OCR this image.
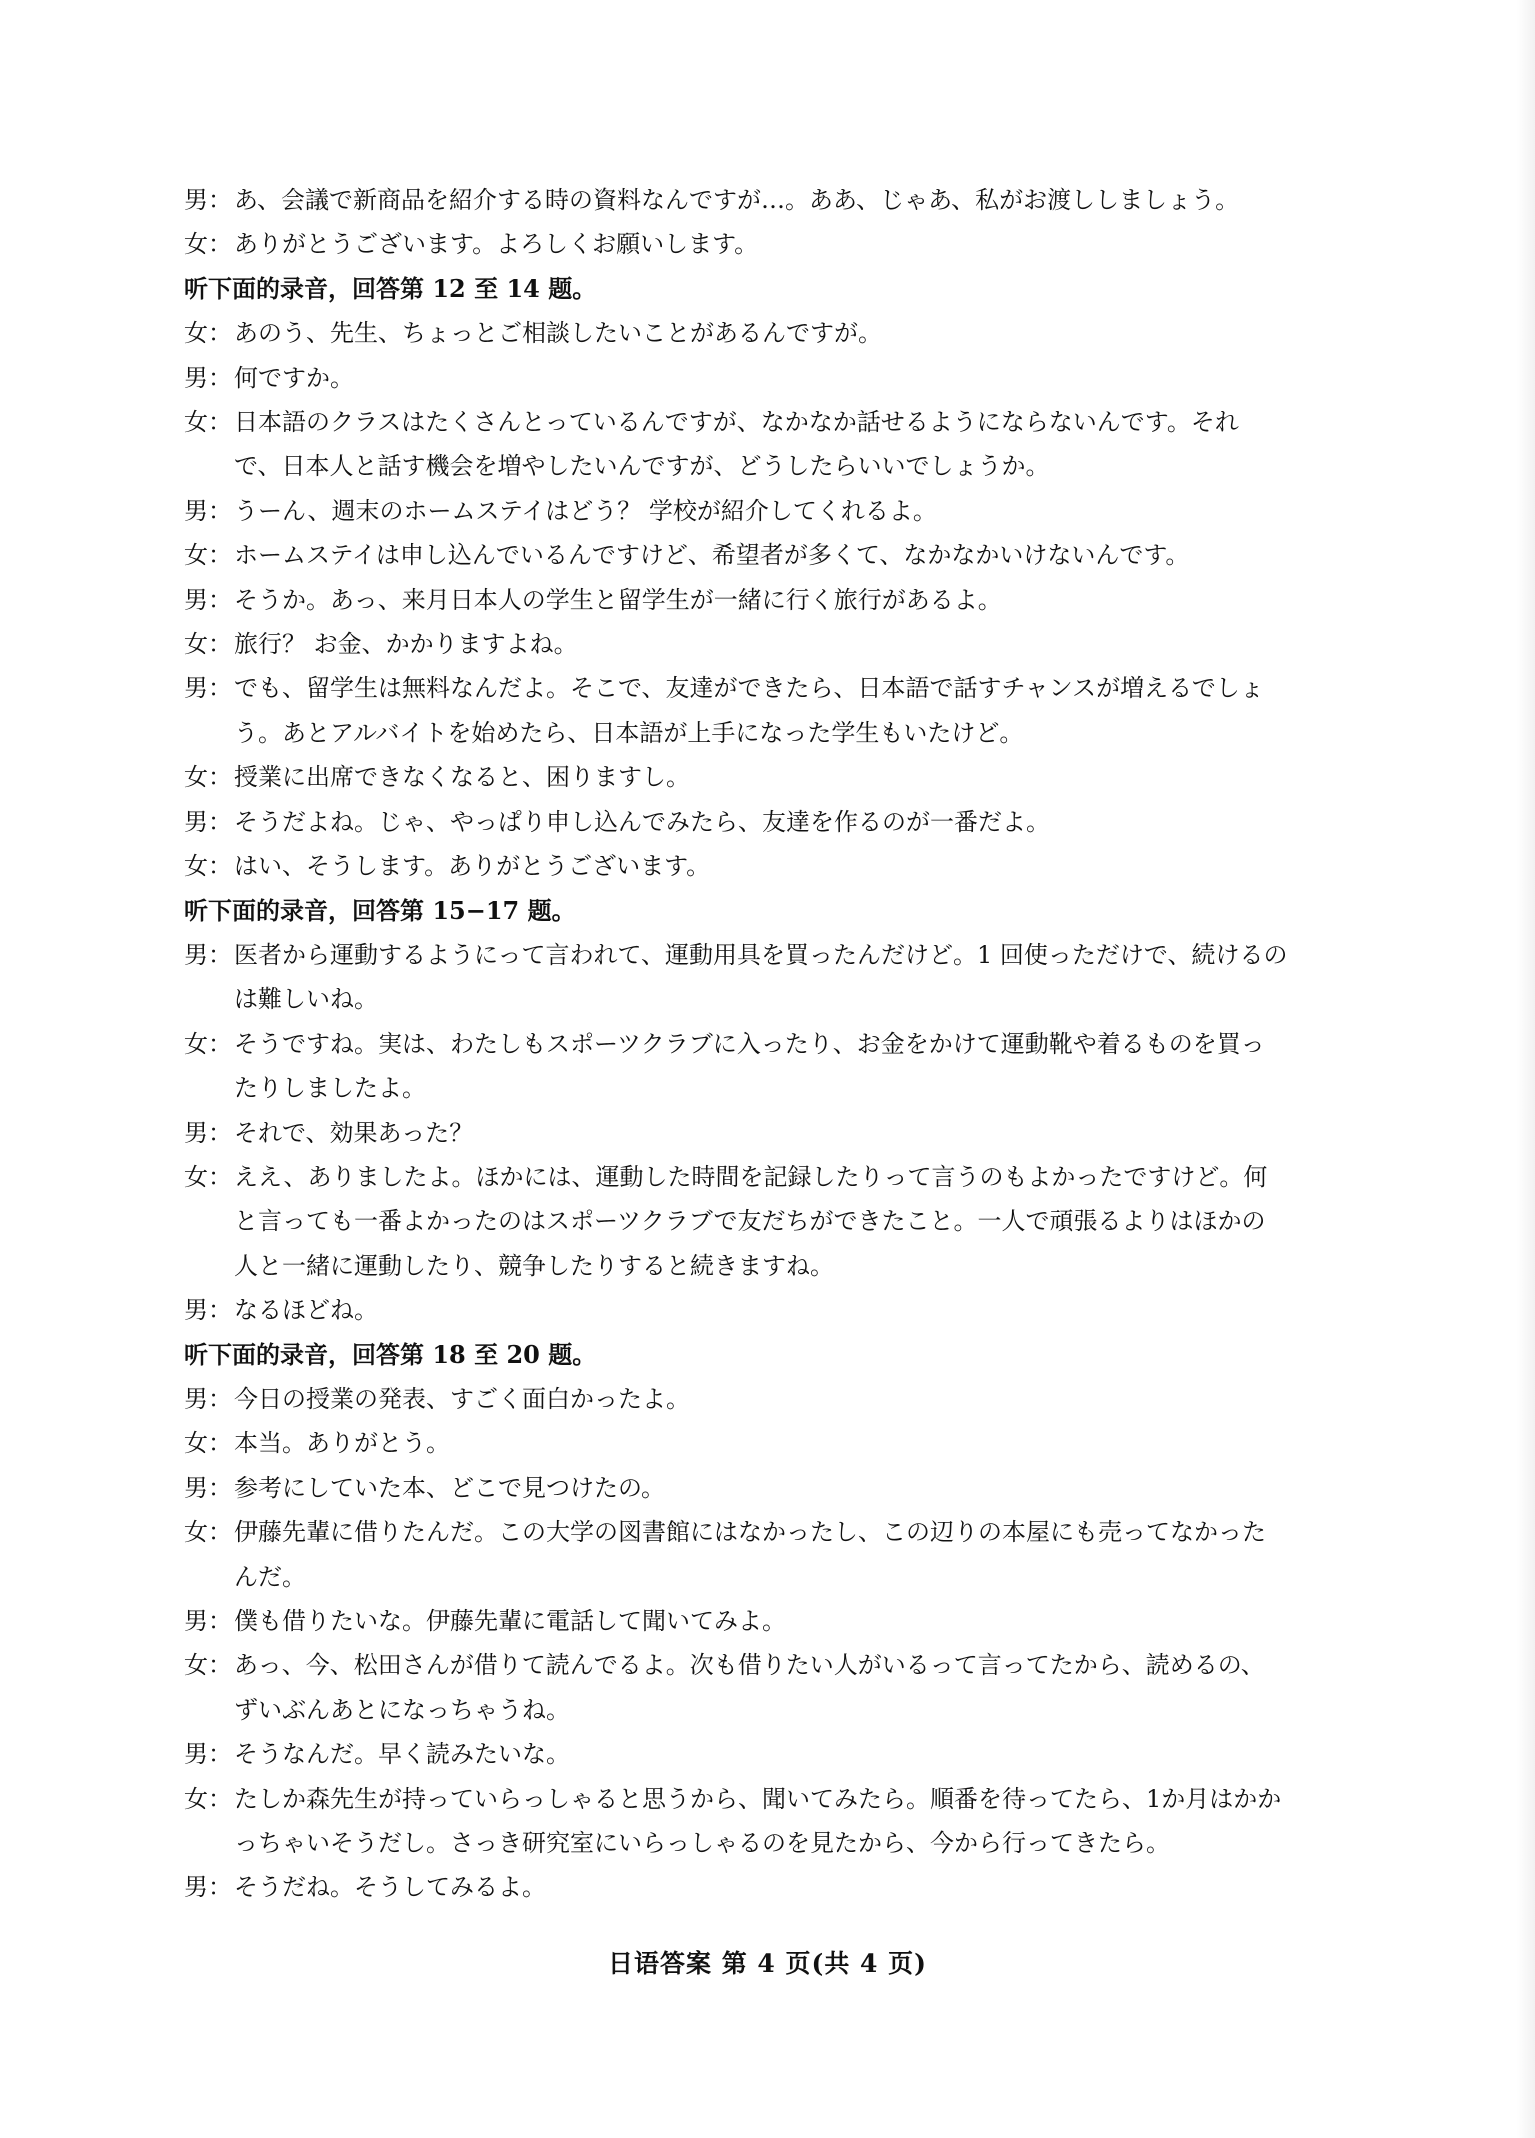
男： あ、会議で新商品を紹介する時の資料なんですが…。ああ、じゃあ、私がお渡ししましょう。
女： ありがとうございます。よろしくお願いします。
听下面的录音，回答第 12 至 14 题。
女： あのう、先生、ちょっとご相談したいことがあるんですが。
男： 何ですか。
女： 日本語のクラスはたくさんとっているんですが、なかなか話せるようにならないんです。それ
で、日本人と話す機会を増やしたいんですが、どうしたらいいでしょうか。
男： うーん、週末のホームステイはどう？ 学校が紹介してくれるよ。
女： ホームステイは申し込んでいるんですけど、希望者が多くて、なかなかいけないんです。
男： そうか。あっ、来月日本人の学生と留学生が一緒に行く旅行があるよ。
女： 旅行？ お金、かかりますよね。
男： でも、留学生は無料なんだよ。そこで、友達ができたら、日本語で話すチャンスが増えるでしょ
う。あとアルバイトを始めたら、日本語が上手になった学生もいたけど。
女： 授業に出席できなくなると、困りますし。
男： そうだよね。じゃ、やっぱり申し込んでみたら、友達を作るのが一番だよ。
女： はい、そうします。ありがとうございます。
听下面的录音，回答第 15−17 题。
男： 医者から運動するようにって言われて、運動用具を買ったんだけど。1 回使っただけで、続けるの
は難しいね。
女： そうですね。実は、わたしもスポーツクラブに入ったり、お金をかけて運動靴や着るものを買っ
たりしましたよ。
男： それで、効果あった？
女： ええ、ありましたよ。ほかには、運動した時間を記録したりって言うのもよかったですけど。何
と言っても一番よかったのはスポーツクラブで友だちができたこと。一人で頑張るよりはほかの
人と一緒に運動したり、競争したりすると続きますね。
男： なるほどね。
听下面的录音，回答第 18 至 20 题。
男： 今日の授業の発表、すごく面白かったよ。
女： 本当。ありがとう。
男： 参考にしていた本、どこで見つけたの。
女： 伊藤先輩に借りたんだ。この大学の図書館にはなかったし、この辺りの本屋にも売ってなかった
んだ。
男： 僕も借りたいな。伊藤先輩に電話して聞いてみよ。
女： あっ、今、松田さんが借りて読んでるよ。次も借りたい人がいるって言ってたから、読めるの、
ずいぶんあとになっちゃうね。
男： そうなんだ。早く読みたいな。
女： たしか森先生が持っていらっしゃると思うから、聞いてみたら。順番を待ってたら、1か月はかか
っちゃいそうだし。さっき研究室にいらっしゃるのを見たから、今から行ってきたら。
男： そうだね。そうしてみるよ。
日语答案 第 4 页(共 4 页)
